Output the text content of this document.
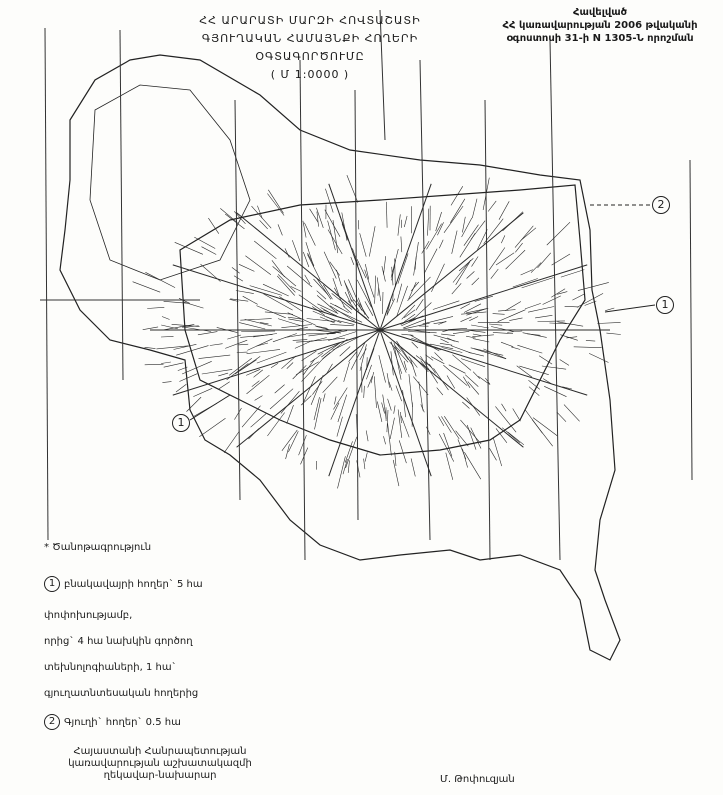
ՀՀ ԱՐԱՐԱՏԻ ՄԱՐԶԻ ՀՈՎՏԱՇԱՏԻ
ԳՅՈՒՂԱԿԱՆ ՀԱՄԱՅՆՔԻ ՀՈՂԵՐԻ
ՕԳՏԱԳՈՐԾՈՒՄԸ
( Մ 1:0000 )
Հավելված
ՀՀ կառավարության 2006 թվականի
օգոստոսի 31-ի N 1305-Ն որոշման
2
1
1
* Ծանոթագրություն
1 բնակավայրի հողեր` 5 հա
փոփոխությամբ,
որից` 4 հա նախկին գործող
տեխնոլոգիաների, 1 հա`
գյուղատնտեսական հողերից
2 Գյուղի` հողեր` 0.5 հա
Հայաստանի Հանրապետության
կառավարության աշխատակազմի
ղեկավար-նախարար	Մ. Թոփուզյան
